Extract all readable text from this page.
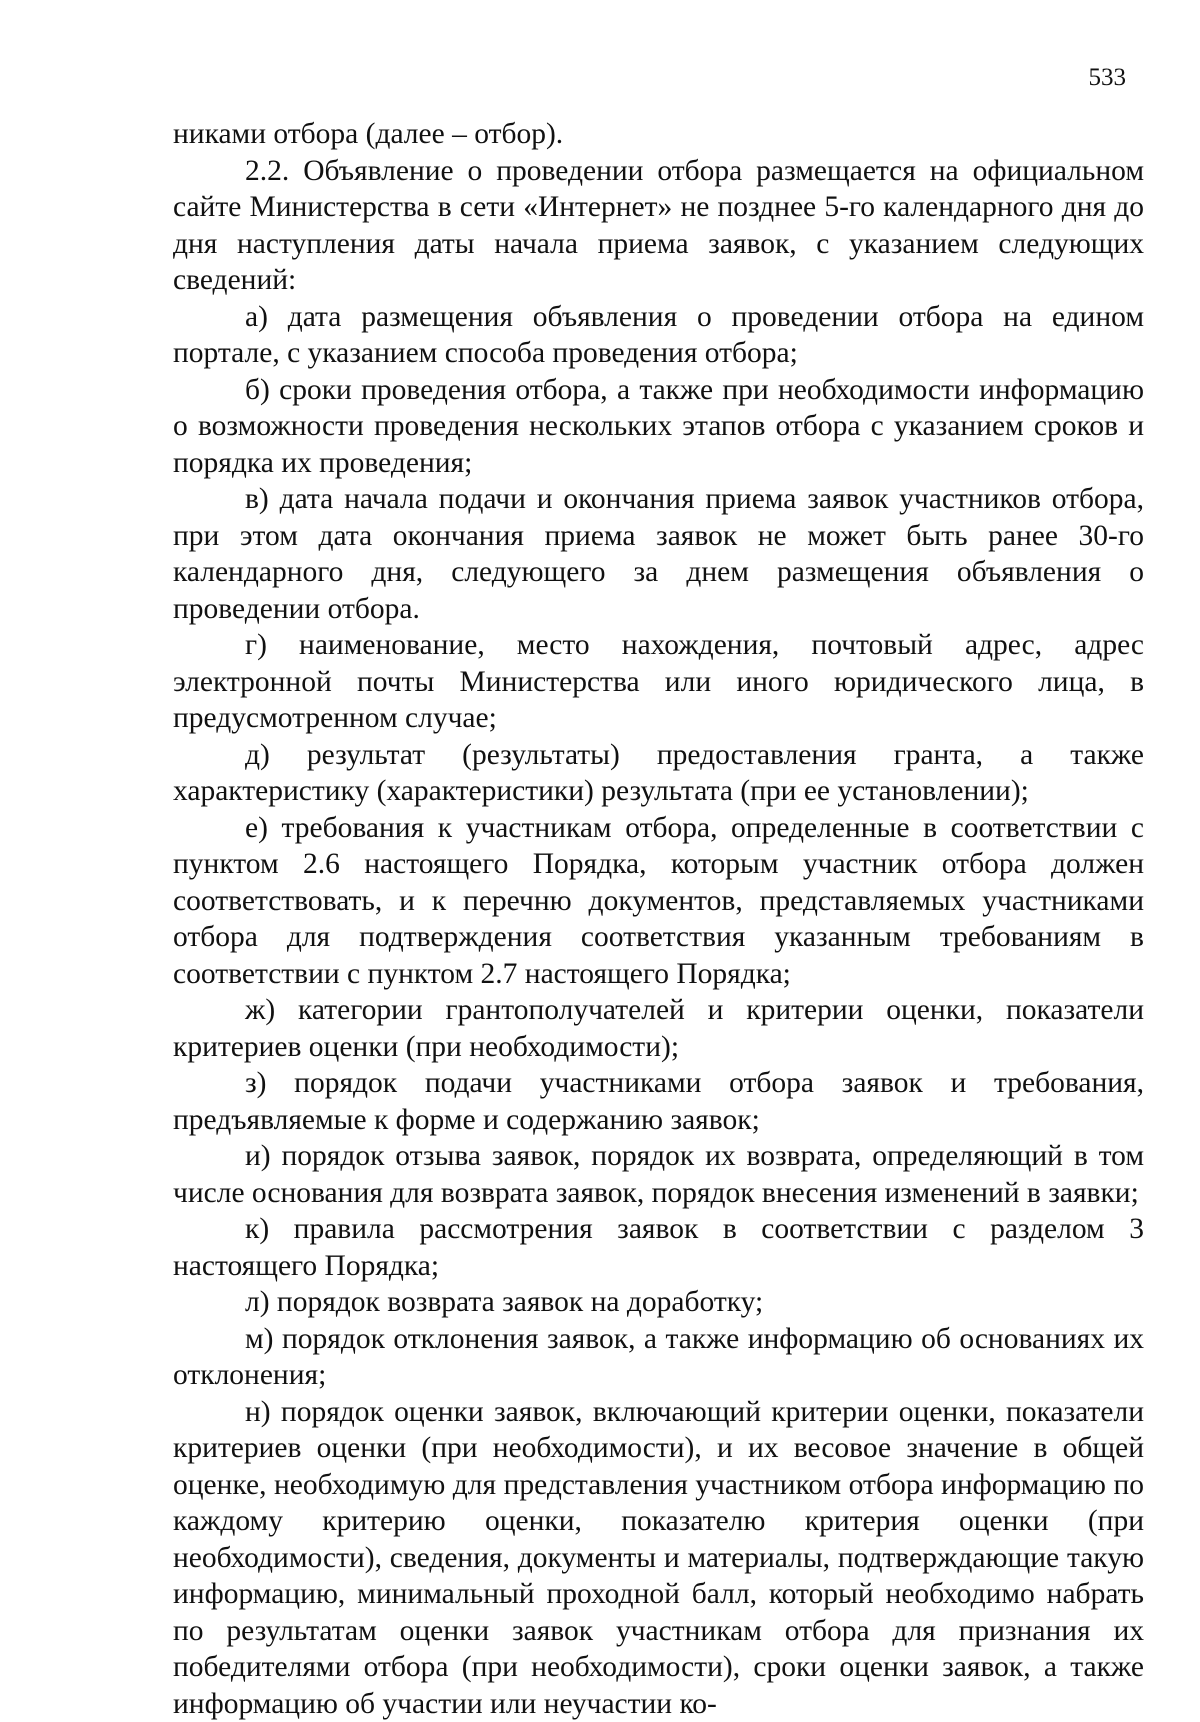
533

никами отбора (далее – отбор).

2.2. Объявление о проведении отбора размещается на официальном сайте Министерства в сети «Интернет» не позднее 5-го календарного дня до дня наступления даты начала приема заявок, с указанием следующих сведений:

а) дата размещения объявления о проведении отбора на едином портале, с указанием способа проведения отбора;

б) сроки проведения отбора, а также при необходимости информацию о возможности проведения нескольких этапов отбора с указанием сроков и порядка их проведения;

в) дата начала подачи и окончания приема заявок участников отбора, при этом дата окончания приема заявок не может быть ранее 30-го календарного дня, следующего за днем размещения объявления о проведении отбора.

г) наименование, место нахождения, почтовый адрес, адрес электронной почты Министерства или иного юридического лица, в предусмотренном случае;

д) результат (результаты) предоставления гранта, а также характеристику (характеристики) результата (при ее установлении);

е) требования к участникам отбора, определенные в соответствии с пунктом 2.6 настоящего Порядка, которым участник отбора должен соответствовать, и к перечню документов, представляемых участниками отбора для подтверждения соответствия указанным требованиям в соответствии с пунктом 2.7 настоящего Порядка;

ж) категории грантополучателей и критерии оценки, показатели критериев оценки (при необходимости);

з) порядок подачи участниками отбора заявок и требования, предъявляемые к форме и содержанию заявок;

и) порядок отзыва заявок, порядок их возврата, определяющий в том числе основания для возврата заявок, порядок внесения изменений в заявки;

к) правила рассмотрения заявок в соответствии с разделом 3 настоящего Порядка;

л) порядок возврата заявок на доработку;

м) порядок отклонения заявок, а также информацию об основаниях их отклонения;

н) порядок оценки заявок, включающий критерии оценки, показатели критериев оценки (при необходимости), и их весовое значение в общей оценке, необходимую для представления участником отбора информацию по каждому критерию оценки, показателю критерия оценки (при необходимости), сведения, документы и материалы, подтверждающие такую информацию, минимальный проходной балл, который необходимо набрать по результатам оценки заявок участникам отбора для признания их победителями отбора (при необходимости), сроки оценки заявок, а также информацию об участии или неучастии ко-
